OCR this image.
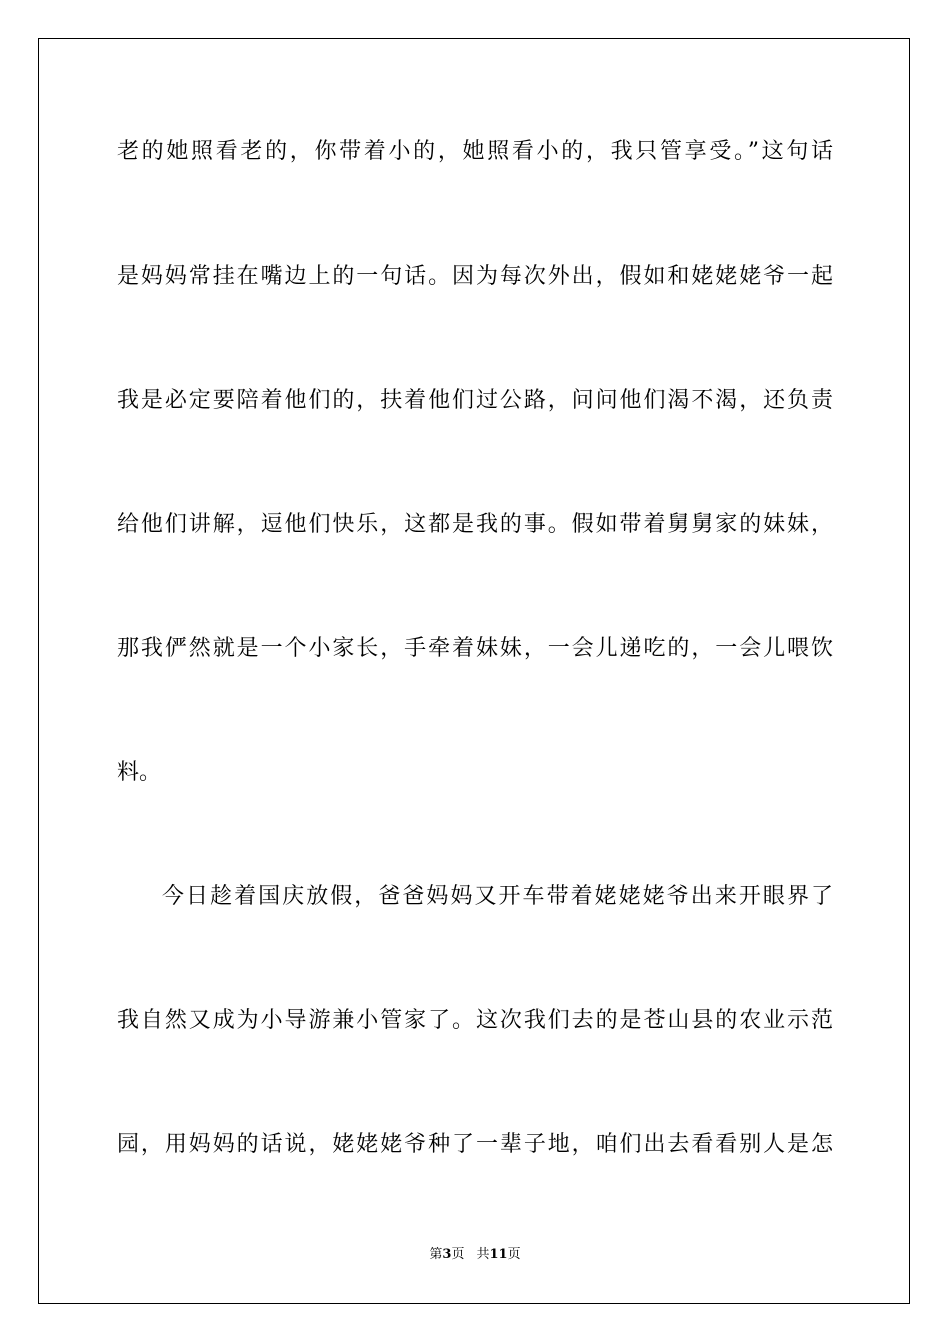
老的她照看老的，你带着小的，她照看小的，我只管享受。”这句话
是妈妈常挂在嘴边上的一句话。因为每次外出，假如和姥姥姥爷一起
我是必定要陪着他们的，扶着他们过公路，问问他们渴不渴，还负责
给他们讲解，逗他们快乐，这都是我的事。假如带着舅舅家的妹妹，
那我俨然就是一个小家长，手牵着妹妹，一会儿递吃的，一会儿喂饮
料。
今日趁着国庆放假，爸爸妈妈又开车带着姥姥姥爷出来开眼界了
我自然又成为小导游兼小管家了。这次我们去的是苍山县的农业示范
园，用妈妈的话说，姥姥姥爷种了一辈子地，咱们出去看看别人是怎
第3页 共11页
